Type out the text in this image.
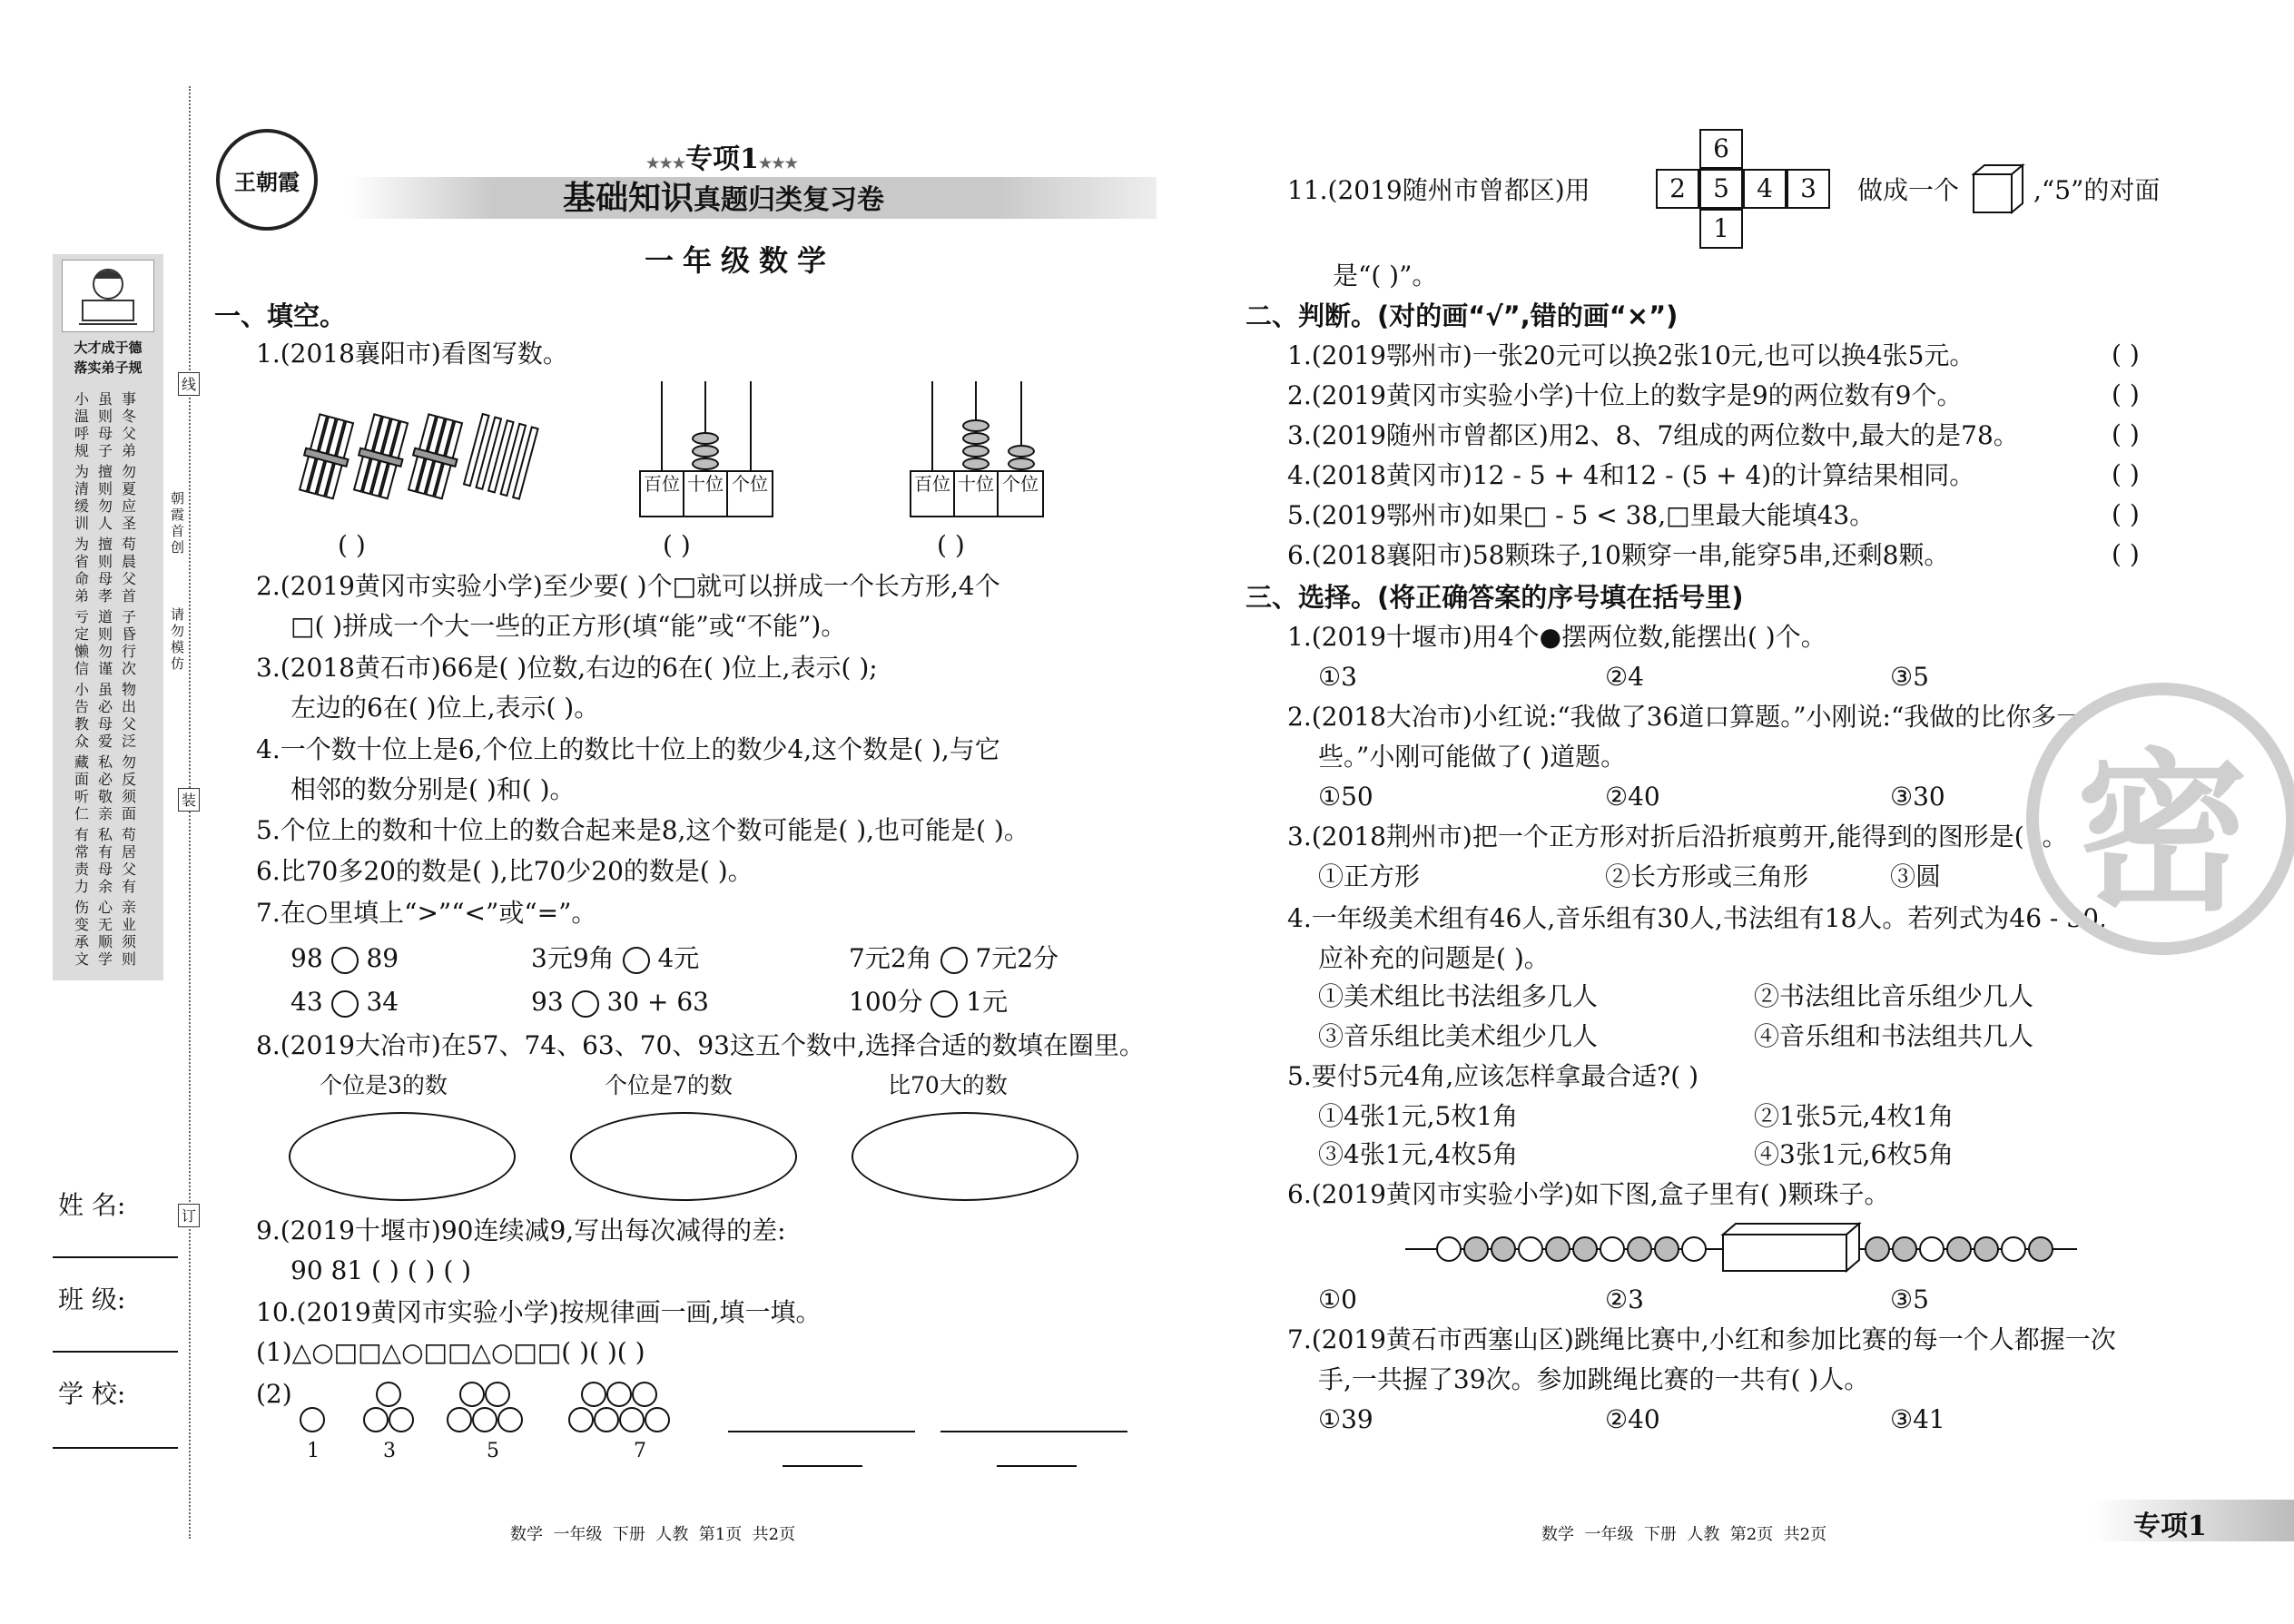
大才成于德
落实弟子规
事
冬
父
弟
虽
则
母
子
小
温
呼
规
勿
夏
应
圣
擅
则
勿
人
为
清
缓
训
苟
晨
父
首
擅
则
母
孝
为
省
命
弟
子
昏
行
次
道
则
勿
谨
亏
定
懒
信
物
出
父
泛
虽
必
母
爱
小
告
教
众
勿
反
须
面
私
必
敬
亲
藏
面
听
仁
苟
居
父
有
私
有
母
余
有
常
责
力
亲
业
须
则
心
无
顺
学
伤
变
承
文
姓 名:
班 级:
学 校:
线
装
订
朝霞首创
请勿模仿
王朝霞
★★★专项1★★★
基础知识真题归类复习卷
一年级数学
一、填空。
1.(2018襄阳市)看图写数。
百位 十位 个位	百位 十位 个位
( )	( )	( )
2.(2019黄冈市实验小学)至少要( )个□就可以拼成一个长方形,4个
□( )拼成一个大一些的正方形(填“能”或“不能”)。
3.(2018黄石市)66是( )位数,右边的6在( )位上,表示( );
左边的6在( )位上,表示( )。
4.一个数十位上是6,个位上的数比十位上的数少4,这个数是( ),与它
相邻的数分别是( )和( )。
5.个位上的数和十位上的数合起来是8,这个数可能是( ),也可能是( )。
6.比70多20的数是( ),比70少20的数是( )。
7.在○里填上“>”“<”或“=”。
98 89	3元9角 4元	7元2角 7元2分
43 34	93 30 + 63	100分 1元
8.(2019大冶市)在57、74、63、70、93这五个数中,选择合适的数填在圈里。
个位是3的数	个位是7的数	比70大的数
9.(2019十堰市)90连续减9,写出每次减得的差:
90 81 ( ) ( ) ( )
10.(2019黄冈市实验小学)按规律画一画,填一填。
(1)△○□□△○□□△○□□( )( )( )
(2)
1	3	5	7
数学  一年级  下册  人教  第1页  共2页
11.(2019随州市曾都区)用
6
2	5	4	3
1
做成一个	,“5”的对面
是“( )”。
二、判断。(对的画“√”,错的画“×”)
1.(2019鄂州市)一张20元可以换2张10元,也可以换4张5元。	( )
2.(2019黄冈市实验小学)十位上的数字是9的两位数有9个。	( )
3.(2019随州市曾都区)用2、8、7组成的两位数中,最大的是78。	( )
4.(2018黄冈市)12 - 5 + 4和12 - (5 + 4)的计算结果相同。	( )
5.(2019鄂州市)如果□ - 5 < 38,□里最大能填43。	( )
6.(2018襄阳市)58颗珠子,10颗穿一串,能穿5串,还剩8颗。	( )
三、选择。(将正确答案的序号填在括号里)
1.(2019十堰市)用4个●摆两位数,能摆出( )个。
①3	②4	③5
2.(2018大冶市)小红说:“我做了36道口算题。”小刚说:“我做的比你多一
些。”小刚可能做了( )道题。
①50	②40	③30
3.(2018荆州市)把一个正方形对折后沿折痕剪开,能得到的图形是( )。
①正方形	②长方形或三角形	③圆
4.一年级美术组有46人,音乐组有30人,书法组有18人。若列式为46 - 30,
应补充的问题是( )。
①美术组比书法组多几人	②书法组比音乐组少几人
③音乐组比美术组少几人	④音乐组和书法组共几人
5.要付5元4角,应该怎样拿最合适?( )
①4张1元,5枚1角	②1张5元,4枚1角
③4张1元,4枚5角	④3张1元,6枚5角
6.(2019黄冈市实验小学)如下图,盒子里有( )颗珠子。
①0	②3	③5
7.(2019黄石市西塞山区)跳绳比赛中,小红和参加比赛的每一个人都握一次
手,一共握了39次。参加跳绳比赛的一共有( )人。
①39	②40	③41
密
数学  一年级  下册  人教  第2页  共2页	专项1
